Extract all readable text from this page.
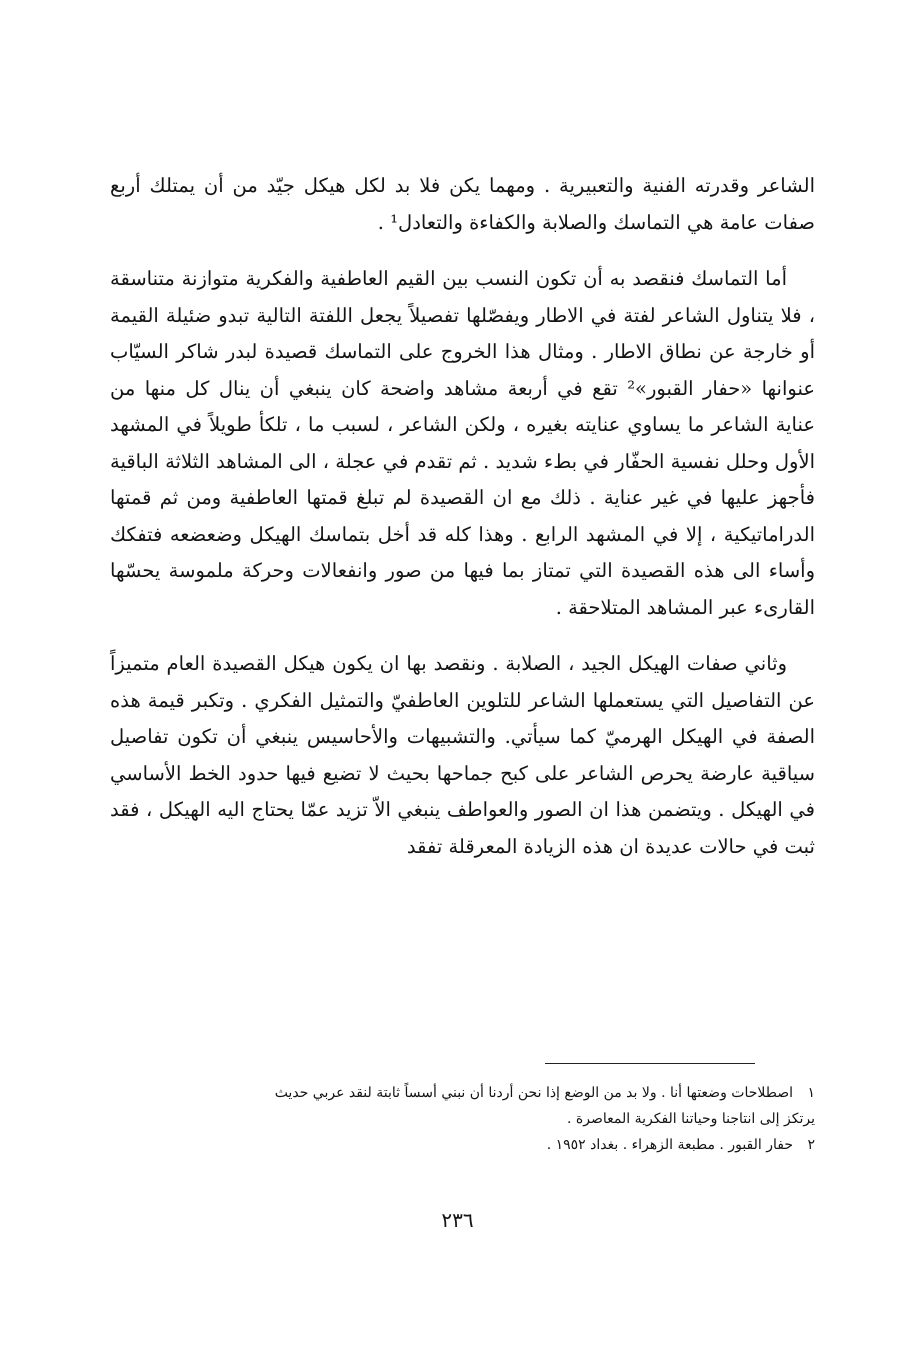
الشاعر وقدرته الفنية والتعبيرية . ومهما يكن فلا بد لكل هيكل جيّد من أن يمتلك أربع صفات عامة هي التماسك والصلابة والكفاءة والتعادل¹ .

أما التماسك فنقصد به أن تكون النسب بين القيم العاطفية والفكرية متوازنة متناسقة ، فلا يتناول الشاعر لفتة في الاطار ويفصّلها تفصيلاً يجعل اللفتة التالية تبدو ضئيلة القيمة أو خارجة عن نطاق الاطار . ومثال هذا الخروج على التماسك قصيدة لبدر شاكر السيّاب عنوانها «حفار القبور»² تقع في أربعة مشاهد واضحة كان ينبغي أن ينال كل منها من عناية الشاعر ما يساوي عنايته بغيره ، ولكن الشاعر ، لسبب ما ، تلكأ طويلاً في المشهد الأول وحلل نفسية الحفّار في بطء شديد . ثم تقدم في عجلة ، الى المشاهد الثلاثة الباقية فأجهز عليها في غير عناية . ذلك مع ان القصيدة لم تبلغ قمتها العاطفية ومن ثم قمتها الدراماتيكية ، إلا في المشهد الرابع . وهذا كله قد أخل بتماسك الهيكل وضعضعه فتفكك وأساء الى هذه القصيدة التي تمتاز بما فيها من صور وانفعالات وحركة ملموسة يحسّها القارىء عبر المشاهد المتلاحقة .

وثاني صفات الهيكل الجيد ، الصلابة . ونقصد بها ان يكون هيكل القصيدة العام متميزاً عن التفاصيل التي يستعملها الشاعر للتلوين العاطفيّ والتمثيل الفكري . وتكبر قيمة هذه الصفة في الهيكل الهرميّ كما سيأتي. والتشبيهات والأحاسيس ينبغي أن تكون تفاصيل سياقية عارضة يحرص الشاعر على كبح جماحها بحيث لا تضيع فيها حدود الخط الأساسي في الهيكل . ويتضمن هذا ان الصور والعواطف ينبغي الاّ تزيد عمّا يحتاج اليه الهيكل ، فقد ثبت في حالات عديدة ان هذه الزيادة المعرقلة تفقد

١اصطلاحات وضعتها أنا . ولا بد من الوضع إذا نحن أردنا أن نبني أسساً ثابتة لنقد عربي حديث

يرتكز إلى انتاجنا وحياتنا الفكرية المعاصرة .

٢حفار القبور . مطبعة الزهراء . بغداد ١٩٥٢ .

٢٣٦
